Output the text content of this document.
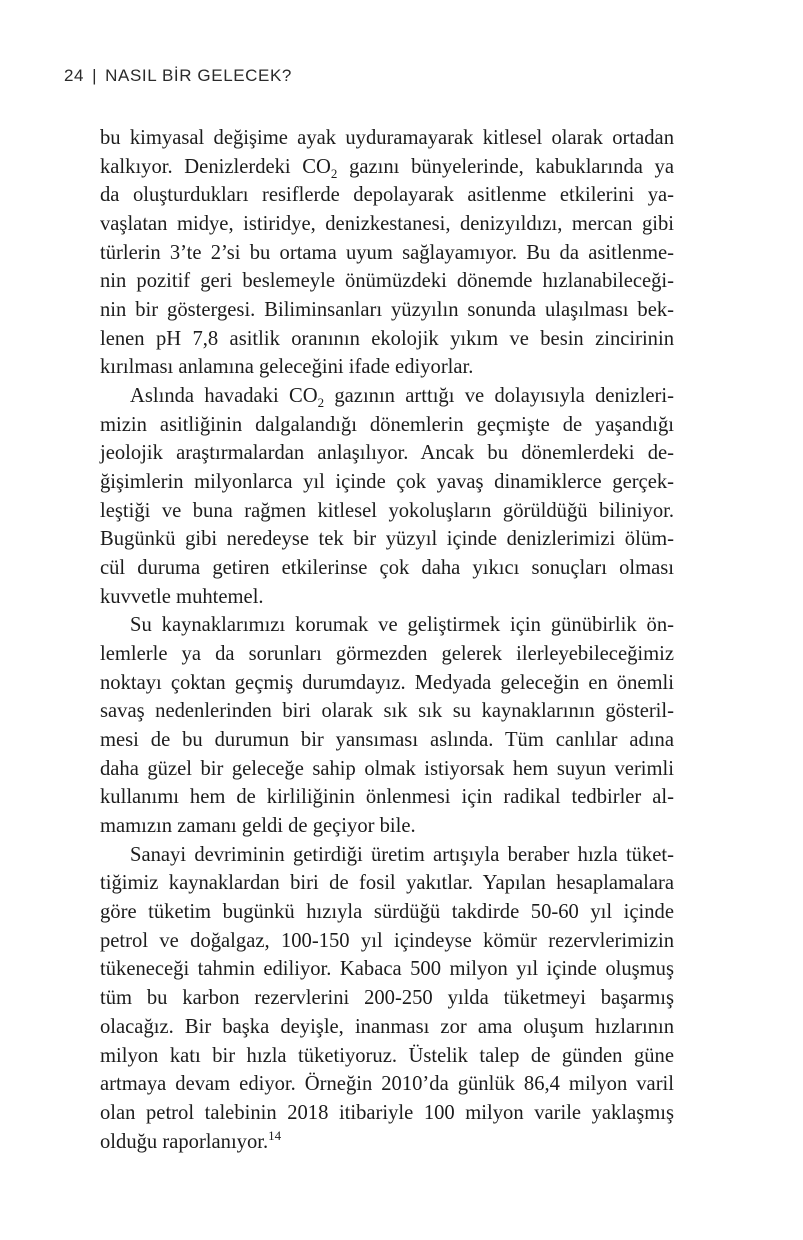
24 | NASIL BİR GELECEK?
bu kimyasal değişime ayak uyduramayarak kitlesel olarak ortadan
kalkıyor. Denizlerdeki $CO_2$ gazını bünyelerinde, kabuklarında ya
da oluşturdukları resiflerde depolayarak asitlenme etkilerini ya-
vaşlatan midye, istiridye, denizkestanesi, denizyıldızı, mercan gibi
türlerin 3’te 2’si bu ortama uyum sağlayamıyor. Bu da asitlenme-
nin pozitif geri beslemeyle önümüzdeki dönemde hızlanabileceği-
nin bir göstergesi. Biliminsanları yüzyılın sonunda ulaşılması bek-
lenen pH 7,8 asitlik oranının ekolojik yıkım ve besin zincirinin
kırılması anlamına geleceğini ifade ediyorlar.
Aslında havadaki $CO_2$ gazının arttığı ve dolayısıyla denizleri-
mizin asitliğinin dalgalandığı dönemlerin geçmişte de yaşandığı
jeolojik araştırmalardan anlaşılıyor. Ancak bu dönemlerdeki de-
ğişimlerin milyonlarca yıl içinde çok yavaş dinamiklerce gerçek-
leştiği ve buna rağmen kitlesel yokoluşların görüldüğü biliniyor.
Bugünkü gibi neredeyse tek bir yüzyıl içinde denizlerimizi ölüm-
cül duruma getiren etkilerinse çok daha yıkıcı sonuçları olması
kuvvetle muhtemel.
Su kaynaklarımızı korumak ve geliştirmek için günübirlik ön-
lemlerle ya da sorunları görmezden gelerek ilerleyebileceğimiz
noktayı çoktan geçmiş durumdayız. Medyada geleceğin en önemli
savaş nedenlerinden biri olarak sık sık su kaynaklarının gösteril-
mesi de bu durumun bir yansıması aslında. Tüm canlılar adına
daha güzel bir geleceğe sahip olmak istiyorsak hem suyun verimli
kullanımı hem de kirliliğinin önlenmesi için radikal tedbirler al-
mamızın zamanı geldi de geçiyor bile.
Sanayi devriminin getirdiği üretim artışıyla beraber hızla tüket-
tiğimiz kaynaklardan biri de fosil yakıtlar. Yapılan hesaplamalara
göre tüketim bugünkü hızıyla sürdüğü takdirde 50-60 yıl içinde
petrol ve doğalgaz, 100-150 yıl içindeyse kömür rezervlerimizin
tükeneceği tahmin ediliyor. Kabaca 500 milyon yıl içinde oluşmuş
tüm bu karbon rezervlerini 200-250 yılda tüketmeyi başarmış
olacağız. Bir başka deyişle, inanması zor ama oluşum hızlarının
milyon katı bir hızla tüketiyoruz. Üstelik talep de günden güne
artmaya devam ediyor. Örneğin 2010’da günlük 86,4 milyon varil
olan petrol talebinin 2018 itibariyle 100 milyon varile yaklaşmış
olduğu raporlanıyor.$^{14}$
